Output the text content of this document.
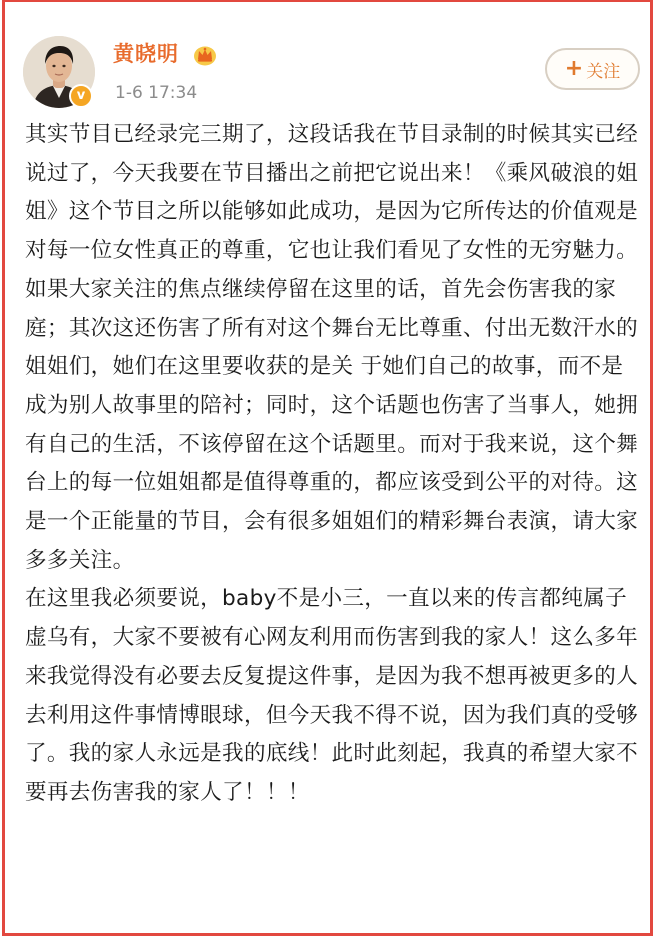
v
黄晓明
1-6 17:34
+ 关注

其实节目已经录完三期了，这段话我在节目录制的时候其实已经说过了，今天我要在节目播出之前把它说出来！《乘风破浪的姐姐》这个节目之所以能够如此成功，是因为它所传达的价值观是对每一位女性真正的尊重，它也让我们看见了女性的无穷魅力。 如果大家关注的焦点继续停留在这里的话，首先会伤害我的家庭；其次这还伤害了所有对这个舞台无比尊重、付出无数汗水的姐姐们，她们在这里要收获的是关 于她们自己的故事，而不是成为别人故事里的陪衬；同时，这个话题也伤害了当事人，她拥有自己的生活，不该停留在这个话题里。而对于我来说，这个舞台上的每一位姐姐都是值得尊重的，都应该受到公平的对待。这是一个正能量的节目，会有很多姐姐们的精彩舞台表演，请大家多多关注。

在这里我必须要说，baby不是小三，一直以来的传言都纯属子虚乌有，大家不要被有心网友利用而伤害到我的家人！这么多年来我觉得没有必要去反复提这件事，是因为我不想再被更多的人去利用这件事情博眼球，但今天我不得不说，因为我们真的受够了。我的家人永远是我的底线！此时此刻起，我真的希望大家不要再去伤害我的家人了！！！
